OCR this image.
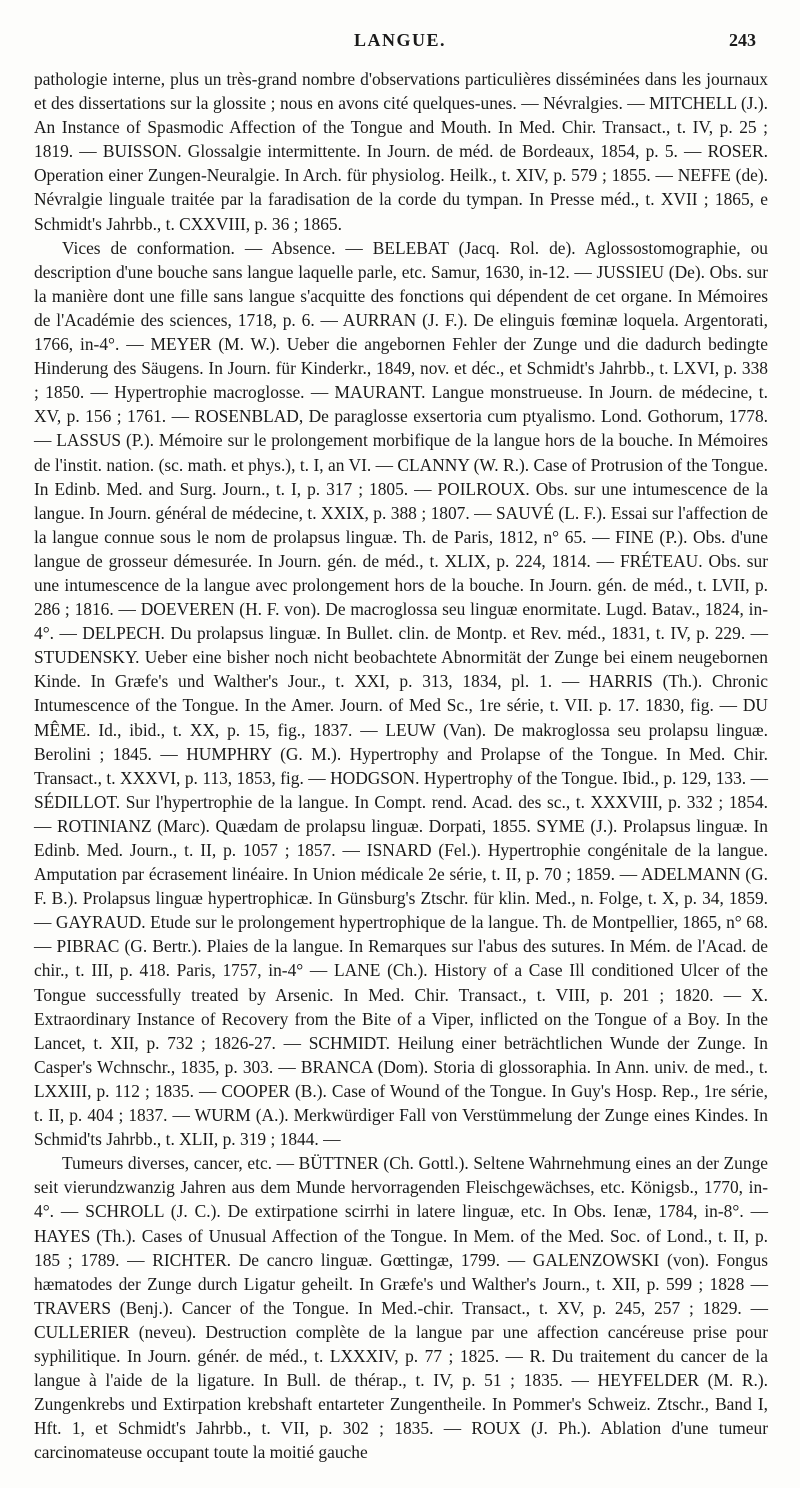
LANGUE.	243

pathologie interne, plus un très-grand nombre d'observations particulières disséminées dans les journaux et des dissertations sur la glossite ; nous en avons cité quelques-unes. — Névralgies. — MITCHELL (J.). An Instance of Spasmodic Affection of the Tongue and Mouth. In Med. Chir. Transact., t. IV, p. 25 ; 1819. — BUISSON. Glossalgie intermittente. In Journ. de méd. de Bordeaux, 1854, p. 5. — ROSER. Operation einer Zungen-Neuralgie. In Arch. für physiolog. Heilk., t. XIV, p. 579 ; 1855. — NEFFE (de). Névralgie linguale traitée par la faradisation de la corde du tympan. In Presse méd., t. XVII ; 1865, e Schmidt's Jahrbb., t. CXXVIII, p. 36 ; 1865.

Vices de conformation. — Absence. — BELEBAT (Jacq. Rol. de). Aglossostomographie, ou description d'une bouche sans langue laquelle parle, etc. Samur, 1630, in-12. — JUSSIEU (De). Obs. sur la manière dont une fille sans langue s'acquitte des fonctions qui dépendent de cet organe. In Mémoires de l'Académie des sciences, 1718, p. 6. — AURRAN (J. F.). De elinguis fœminæ loquela. Argentorati, 1766, in-4°. — MEYER (M. W.). Ueber die angebornen Fehler der Zunge und die dadurch bedingte Hinderung des Säugens. In Journ. für Kinderkr., 1849, nov. et déc., et Schmidt's Jahrbb., t. LXVI, p. 338 ; 1850. — Hypertrophie macroglosse. — MAURANT. Langue monstrueuse. In Journ. de médecine, t. XV, p. 156 ; 1761. — ROSENBLAD, De paraglosse exsertoria cum ptyalismo. Lond. Gothorum, 1778. — LASSUS (P.). Mémoire sur le prolongement morbifique de la langue hors de la bouche. In Mémoires de l'instit. nation. (sc. math. et phys.), t. I, an VI. — CLANNY (W. R.). Case of Protrusion of the Tongue. In Edinb. Med. and Surg. Journ., t. I, p. 317 ; 1805. — POILROUX. Obs. sur une intumescence de la langue. In Journ. général de médecine, t. XXIX, p. 388 ; 1807. — SAUVÉ (L. F.). Essai sur l'affection de la langue connue sous le nom de prolapsus linguæ. Th. de Paris, 1812, n° 65. — FINE (P.). Obs. d'une langue de grosseur démesurée. In Journ. gén. de méd., t. XLIX, p. 224, 1814. — FRÉTEAU. Obs. sur une intumescence de la langue avec prolongement hors de la bouche. In Journ. gén. de méd., t. LVII, p. 286 ; 1816. — DOEVEREN (H. F. von). De macroglossa seu linguæ enormitate. Lugd. Batav., 1824, in-4°. — DELPECH. Du prolapsus linguæ. In Bullet. clin. de Montp. et Rev. méd., 1831, t. IV, p. 229. — STUDENSKY. Ueber eine bisher noch nicht beobachtete Abnormität der Zunge bei einem neugebornen Kinde. In Græfe's und Walther's Jour., t. XXI, p. 313, 1834, pl. 1. — HARRIS (Th.). Chronic Intumescence of the Tongue. In the Amer. Journ. of Med Sc., 1re série, t. VII. p. 17. 1830, fig. — DU MÊME. Id., ibid., t. XX, p. 15, fig., 1837. — LEUW (Van). De makroglossa seu prolapsu linguæ. Berolini ; 1845. — HUMPHRY (G. M.). Hypertrophy and Prolapse of the Tongue. In Med. Chir. Transact., t. XXXVI, p. 113, 1853, fig. — HODGSON. Hypertrophy of the Tongue. Ibid., p. 129, 133. — SÉDILLOT. Sur l'hypertrophie de la langue. In Compt. rend. Acad. des sc., t. XXXVIII, p. 332 ; 1854. — ROTINIANZ (Marc). Quædam de prolapsu linguæ. Dorpati, 1855. SYME (J.). Prolapsus linguæ. In Edinb. Med. Journ., t. II, p. 1057 ; 1857. — ISNARD (Fel.). Hypertrophie congénitale de la langue. Amputation par écrasement linéaire. In Union médicale 2e série, t. II, p. 70 ; 1859. — ADELMANN (G. F. B.). Prolapsus linguæ hypertrophicæ. In Günsburg's Ztschr. für klin. Med., n. Folge, t. X, p. 34, 1859. — GAYRAUD. Etude sur le prolongement hypertrophique de la langue. Th. de Montpellier, 1865, n° 68. — PIBRAC (G. Bertr.). Plaies de la langue. In Remarques sur l'abus des sutures. In Mém. de l'Acad. de chir., t. III, p. 418. Paris, 1757, in-4° — LANE (Ch.). History of a Case Ill conditioned Ulcer of the Tongue successfully treated by Arsenic. In Med. Chir. Transact., t. VIII, p. 201 ; 1820. — X. Extraordinary Instance of Recovery from the Bite of a Viper, inflicted on the Tongue of a Boy. In the Lancet, t. XII, p. 732 ; 1826-27. — SCHMIDT. Heilung einer beträchtlichen Wunde der Zunge. In Casper's Wchnschr., 1835, p. 303. — BRANCA (Dom). Storia di glossoraphia. In Ann. univ. de med., t. LXXIII, p. 112 ; 1835. — COOPER (B.). Case of Wound of the Tongue. In Guy's Hosp. Rep., 1re série, t. II, p. 404 ; 1837. — WURM (A.). Merkwürdiger Fall von Verstümmelung der Zunge eines Kindes. In Schmid'ts Jahrbb., t. XLII, p. 319 ; 1844. —

Tumeurs diverses, cancer, etc. — BÜTTNER (Ch. Gottl.). Seltene Wahrnehmung eines an der Zunge seit vierundzwanzig Jahren aus dem Munde hervorragenden Fleischgewächses, etc. Königsb., 1770, in-4°. — SCHROLL (J. C.). De extirpatione scirrhi in latere linguæ, etc. In Obs. Ienæ, 1784, in-8°. — HAYES (Th.). Cases of Unusual Affection of the Tongue. In Mem. of the Med. Soc. of Lond., t. II, p. 185 ; 1789. — RICHTER. De cancro linguæ. Gœttingæ, 1799. — GALENZOWSKI (von). Fongus hæmatodes der Zunge durch Ligatur geheilt. In Græfe's und Walther's Journ., t. XII, p. 599 ; 1828 — TRAVERS (Benj.). Cancer of the Tongue. In Med.-chir. Transact., t. XV, p. 245, 257 ; 1829. — CULLERIER (neveu). Destruction complète de la langue par une affection cancéreuse prise pour syphilitique. In Journ. génér. de méd., t. LXXXIV, p. 77 ; 1825. — R. Du traitement du cancer de la langue à l'aide de la ligature. In Bull. de thérap., t. IV, p. 51 ; 1835. — HEYFELDER (M. R.). Zungenkrebs und Extirpation krebshaft entarteter Zungentheile. In Pommer's Schweiz. Ztschr., Band I, Hft. 1, et Schmidt's Jahrbb., t. VII, p. 302 ; 1835. — ROUX (J. Ph.). Ablation d'une tumeur carcinomateuse occupant toute la moitié gauche
